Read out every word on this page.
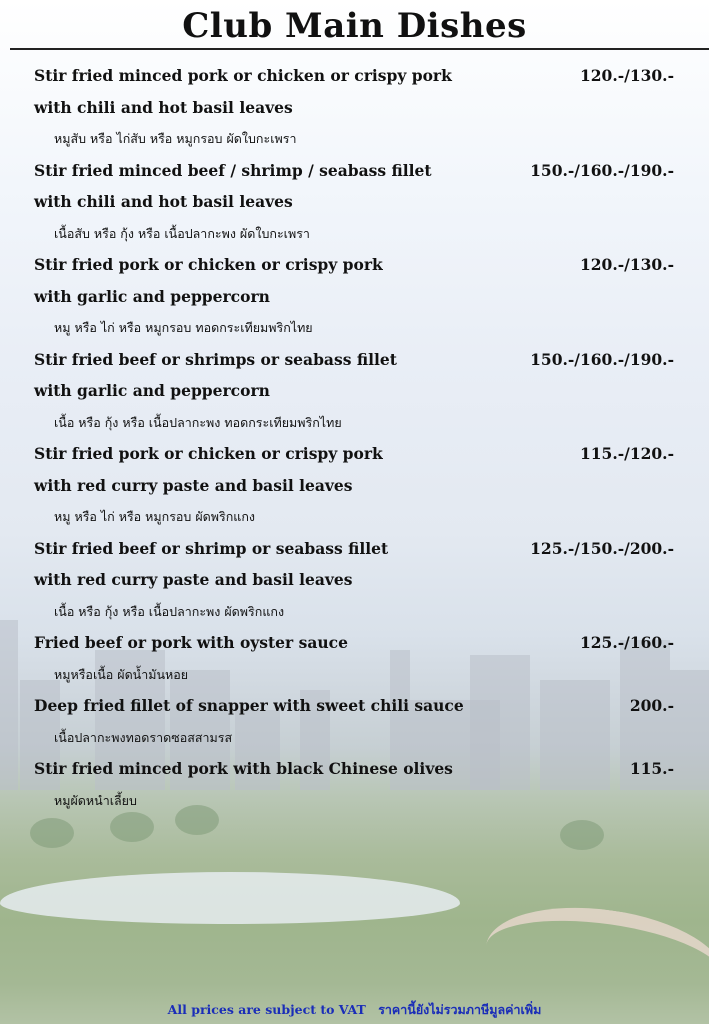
Club Main Dishes
Stir fried minced pork or chicken or crispy pork
with chili and hot basil leaves
120.-/130.-
หมูสับ หรือ ไก่สับ หรือ หมูกรอบ ผัดใบกะเพรา
Stir fried minced beef / shrimp / seabass fillet
with chili and hot basil leaves
150.-/160.-/190.-
เนื้อสับ หรือ กุ้ง หรือ เนื้อปลากะพง ผัดใบกะเพรา
Stir fried pork or chicken or crispy pork
with garlic and peppercorn
120.-/130.-
หมู หรือ ไก่ หรือ หมูกรอบ ทอดกระเทียมพริกไทย
Stir fried beef or shrimps or seabass fillet
with garlic and peppercorn
150.-/160.-/190.-
เนื้อ หรือ กุ้ง หรือ เนื้อปลากะพง ทอดกระเทียมพริกไทย
Stir fried pork or chicken or crispy pork
with red curry paste and basil leaves
115.-/120.-
หมู หรือ ไก่ หรือ หมูกรอบ ผัดพริกแกง
Stir fried beef or shrimp or seabass fillet
with red curry paste and basil leaves
125.-/150.-/200.-
เนื้อ หรือ กุ้ง หรือ เนื้อปลากะพง ผัดพริกแกง
Fried beef or pork with oyster sauce	125.-/160.-
หมูหรือเนื้อ ผัดน้ำมันหอย
Deep fried fillet of snapper with sweet chili sauce	200.-
เนื้อปลากะพงทอดราดซอสสามรส
Stir fried minced pork with black Chinese olives	115.-
หมูผัดหนำเลี้ยบ
All prices are subject to VAT ราคานี้ยังไม่รวมภาษีมูลค่าเพิ่ม
